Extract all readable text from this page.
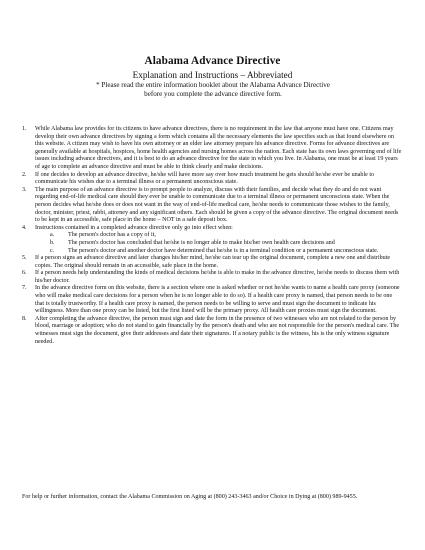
Alabama Advance Directive
Explanation and Instructions – Abbreviated
* Please read the entire information booklet about the Alabama Advance Directive before you complete the advance directive form.
1. While Alabama law provides for its citizens to have advance directives, there is no requirement in the law that anyone must have one. Citizens may develop their own advance directives by signing a form which contains all the necessary elements the law specifies such as that found elsewhere on this website. A citizen may wish to have his own attorney or an elder law attorney prepare his advance directive. Forms for advance directives are generally available at hospitals, hospices, home health agencies and nursing homes across the nation. Each state has its own laws governing end of life issues including advance directives, and it is best to do an advance directive for the state in which you live. In Alabama, one must be at least 19 years of age to complete an advance directive and must be able to think clearly and make decisions.
2. If one decides to develop an advance directive, he/she will have more say over how much treatment he gets should he/she ever be unable to communicate his wishes due to a terminal illness or a permanent unconscious state.
3. The main purpose of an advance directive is to prompt people to analyze, discuss with their families, and decide what they do and do not want regarding end-of-life medical care should they ever be unable to communicate due to a terminal illness or permanent unconscious state. When the person decides what he/she does or does not want in the way of end-of-life medical care, he/she needs to communicate those wishes to the family, doctor, minister, priest, rabbi, attorney and any significant others. Each should be given a copy of the advance directive. The original document needs to be kept in an accessible, safe place in the home – NOT in a safe deposit box.
4. Instructions contained in a completed advance directive only go into effect when:
a. The person's doctor has a copy of it,
b. The person's doctor has concluded that he/she is no longer able to make his/her own health care decisions and
c. The person's doctor and another doctor have determined that he/she is in a terminal condition or a permanent unconscious state.
5. If a person signs an advance directive and later changes his/her mind, he/she can tear up the original document, complete a new one and distribute copies. The original should remain in an accessible, safe place in the home.
6. If a person needs help understanding the kinds of medical decisions he/she is able to make in the advance directive, he/she needs to discuss them with his/her doctor.
7. In the advance directive form on this website, there is a section where one is asked whether or not he/she wants to name a health care proxy (someone who will make medical care decisions for a person when he is no longer able to do so). If a health care proxy is named, that person needs to be one that is totally trustworthy. If a health care proxy is named, the person needs to be willing to serve and must sign the document to indicate his willingness. More than one proxy can be listed, but the first listed will be the primary proxy. All health care proxies must sign the document.
8. After completing the advance directive, the person must sign and date the form in the presence of two witnesses who are not related to the person by blood, marriage or adoption; who do not stand to gain financially by the person's death and who are not responsible for the person's medical care. The witnesses must sign the document, give their addresses and date their signatures. If a notary public is the witness, his is the only witness signature needed.
For help or further information, contact the Alabama Commission on Aging at (800) 243-3463 and/or Choice in Dying at (800) 989-9455.
